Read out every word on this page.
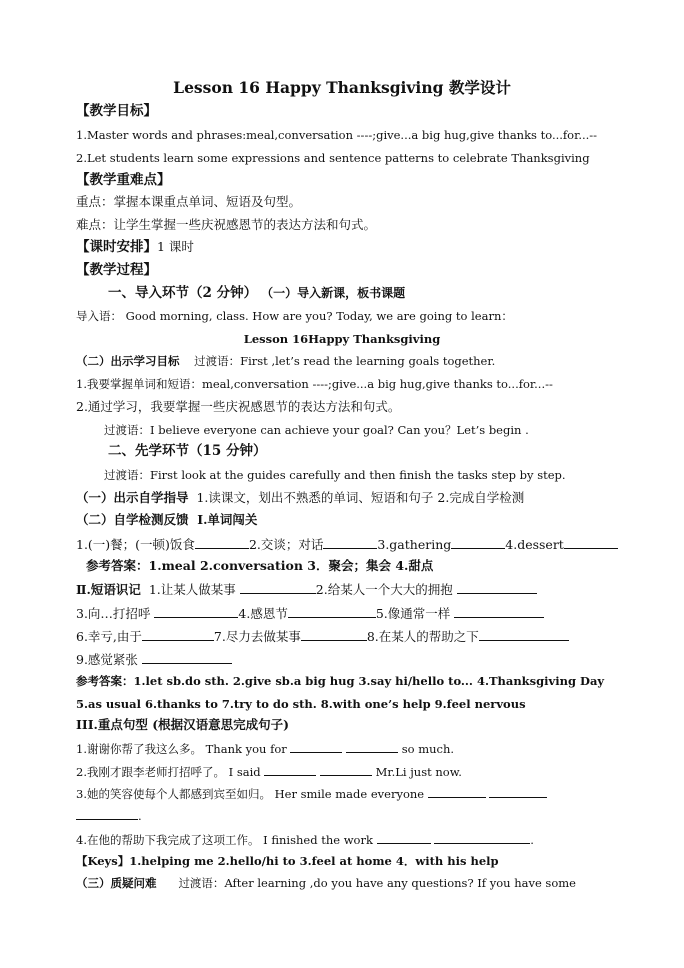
Lesson 16 Happy Thanksgiving 教学设计
【教学目标】
1.Master words and phrases:meal,conversation ----;give...a big hug,give thanks to...for...--
2.Let students learn some expressions and sentence patterns to celebrate Thanksgiving
【教学重难点】
重点：掌握本课重点单词、短语及句型。
难点：让学生掌握一些庆祝感恩节的表达方法和句式。
【课时安排】1 课时
【教学过程】
一、导入环节（2 分钟） （一）导入新课，板书课题
导入语： Good morning, class. How are you? Today, we are going to learn：
Lesson 16Happy Thanksgiving
（二）出示学习目标 过渡语：First ,let’s read the learning goals together.
1.我要掌握单词和短语：meal,conversation ----;give...a big hug,give thanks to...for...--
2.通过学习，我要掌握一些庆祝感恩节的表达方法和句式。
过渡语：I believe everyone can achieve your goal? Can you？Let’s begin .
二、先学环节（15 分钟）
过渡语：First look at the guides carefully and then finish the tasks step by step.
（一）出示自学指导 1.读课文，划出不熟悉的单词、短语和句子 2.完成自学检测
（二）自学检测反馈 Ⅰ.单词闯关
1.(一)餐；(一顿)饭食	2.交谈；对话	3.gathering	4.dessert
参考答案：1.meal 2.conversation 3．聚会；集会 4.甜点
Ⅱ.短语识记 1.让某人做某事	2.给某人一个大大的拥抱
3.向…打招呼	4.感恩节	5.像通常一样
6.幸亏,由于	7.尽力去做某事	8.在某人的帮助之下
9.感觉紧张
参考答案：1.let sb.do sth. 2.give sb.a big hug 3.say hi/hello to... 4.Thanksgiving Day
5.as usual 6.thanks to 7.try to do sth. 8.with one’s help 9.feel nervous
III.重点句型 (根据汉语意思完成句子)
1.谢谢你帮了我这么多。 Thank you for	so much.
2.我刚才跟李老师打招呼了。 I said	Mr.Li just now.
3.她的笑容使每个人都感到宾至如归。 Her smile made everyone
.
4.在他的帮助下我完成了这项工作。 I finished the work	.
【Keys】1.helping me 2.hello/hi to 3.feel at home 4．with his help
（三）质疑问难 过渡语：After learning ,do you have any questions? If you have some
